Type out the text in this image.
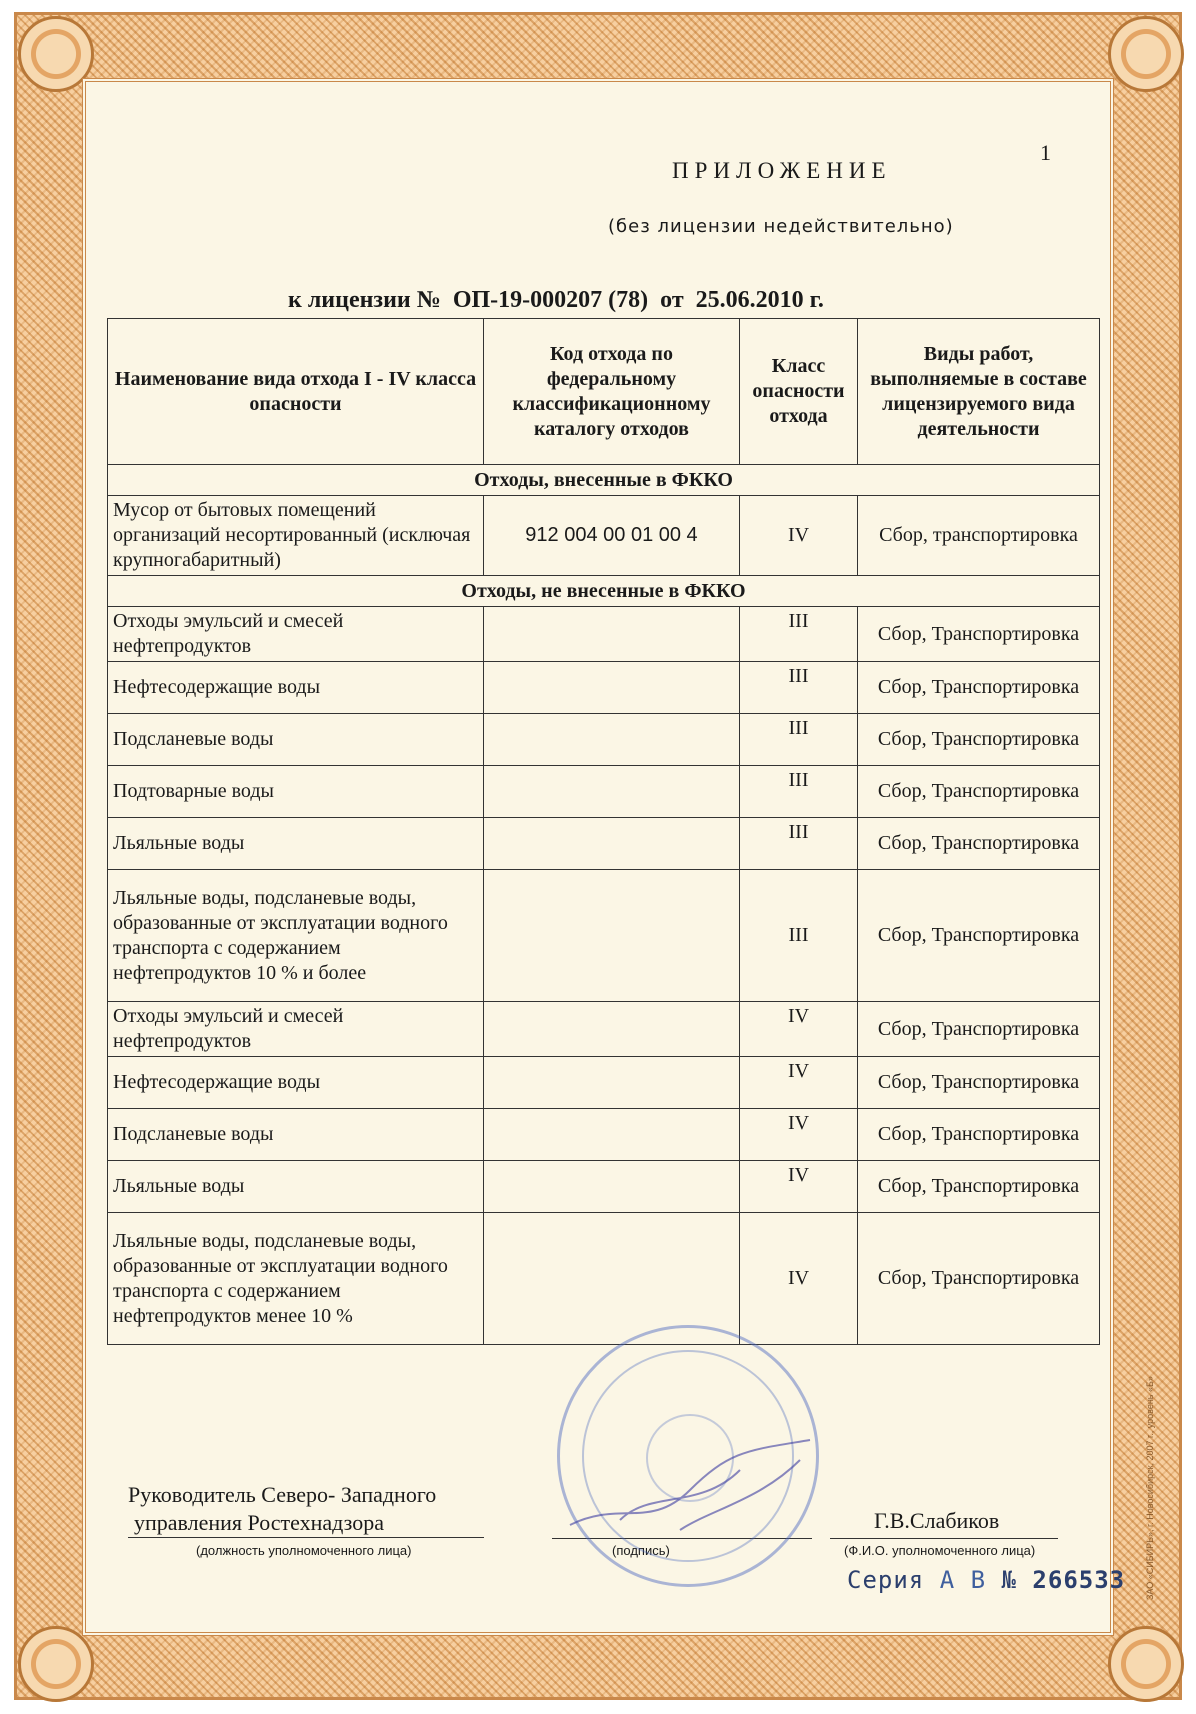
1
ПРИЛОЖЕНИЕ
(без лицензии недействительно)
к лицензии №  ОП-19-000207 (78)  от  25.06.2010 г.
Наименование вида отхода I - IV класса опасности	Код отхода по федеральному классификационному каталогу отходов	Класс опасности отхода	Виды работ, выполняемые в составе лицензируемого вида деятельности
Отходы, внесенные в ФККО			
Мусор от бытовых помещений организаций несортированный (исключая крупногабаритный)	912 004 00 01 00 4	IV	Сбор, транспортировка
Отходы, не внесенные в ФККО			
Отходы эмульсий и смесей нефтепродуктов		III	Сбор, Транспортировка
Нефтесодержащие воды		III	Сбор, Транспортировка
Подсланевые воды		III	Сбор, Транспортировка
Подтоварные воды		III	Сбор, Транспортировка
Льяльные воды		III	Сбор, Транспортировка
Льяльные воды, подсланевые воды, образованные от эксплуатации водного транспорта с содержанием нефтепродуктов 10 % и более		III	Сбор, Транспортировка
Отходы эмульсий и смесей нефтепродуктов		IV	Сбор, Транспортировка
Нефтесодержащие воды		IV	Сбор, Транспортировка
Подсланевые воды		IV	Сбор, Транспортировка
Льяльные воды		IV	Сбор, Транспортировка
Льяльные воды, подсланевые воды, образованные от эксплуатации водного транспорта с содержанием нефтепродуктов менее 10 %		IV	Сбор, Транспортировка
Руководитель Северо- Западного
управления Ростехнадзора
(должность уполномоченного лица)	(подпись)
Г.В.Слабиков
(Ф.И.О. уполномоченного лица)
Серия А В № 266533 ЗАО «СИБИРЬ», г. Новосибирск, 2007 г., уровень «Б»
